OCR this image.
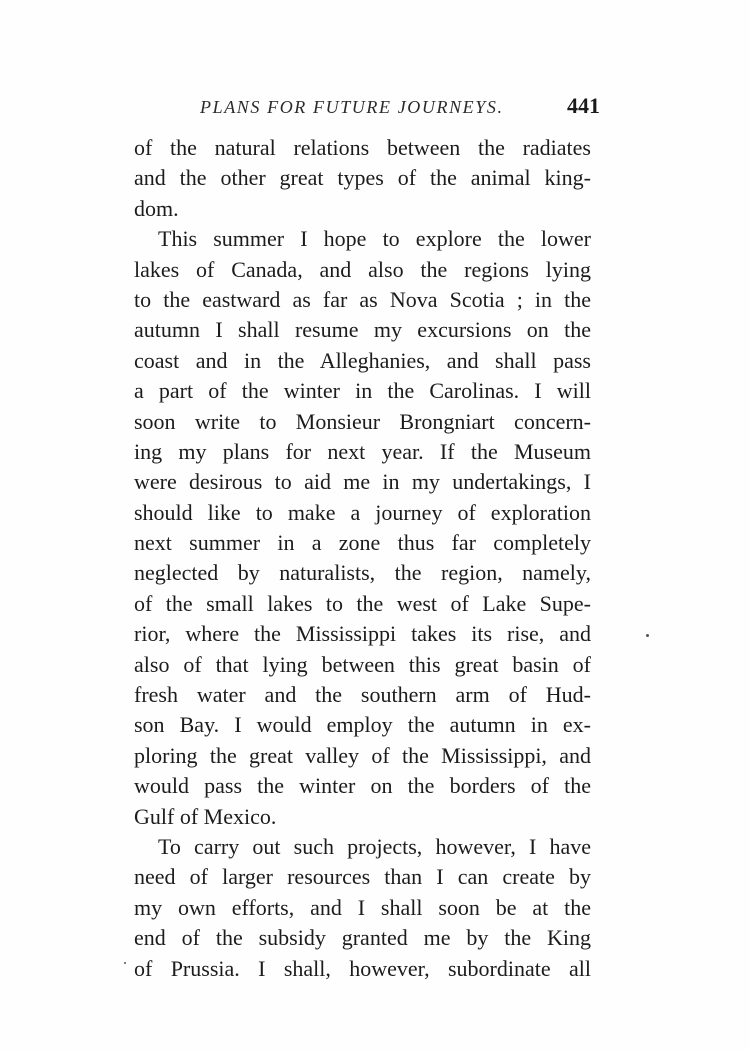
PLANS FOR FUTURE JOURNEYS.	441
of the natural relations between the radiates
and the other great types of the animal king-
dom.
This summer I hope to explore the lower
lakes of Canada, and also the regions lying
to the eastward as far as Nova Scotia ; in the
autumn I shall resume my excursions on the
coast and in the Alleghanies, and shall pass
a part of the winter in the Carolinas. I will
soon write to Monsieur Brongniart concern-
ing my plans for next year. If the Museum
were desirous to aid me in my undertakings, I
should like to make a journey of exploration
next summer in a zone thus far completely
neglected by naturalists, the region, namely,
of the small lakes to the west of Lake Supe-
rior, where the Mississippi takes its rise, and
also of that lying between this great basin of
fresh water and the southern arm of Hud-
son Bay. I would employ the autumn in ex-
ploring the great valley of the Mississippi, and
would pass the winter on the borders of the
Gulf of Mexico.
To carry out such projects, however, I have
need of larger resources than I can create by
my own efforts, and I shall soon be at the
end of the subsidy granted me by the King
of Prussia. I shall, however, subordinate all
